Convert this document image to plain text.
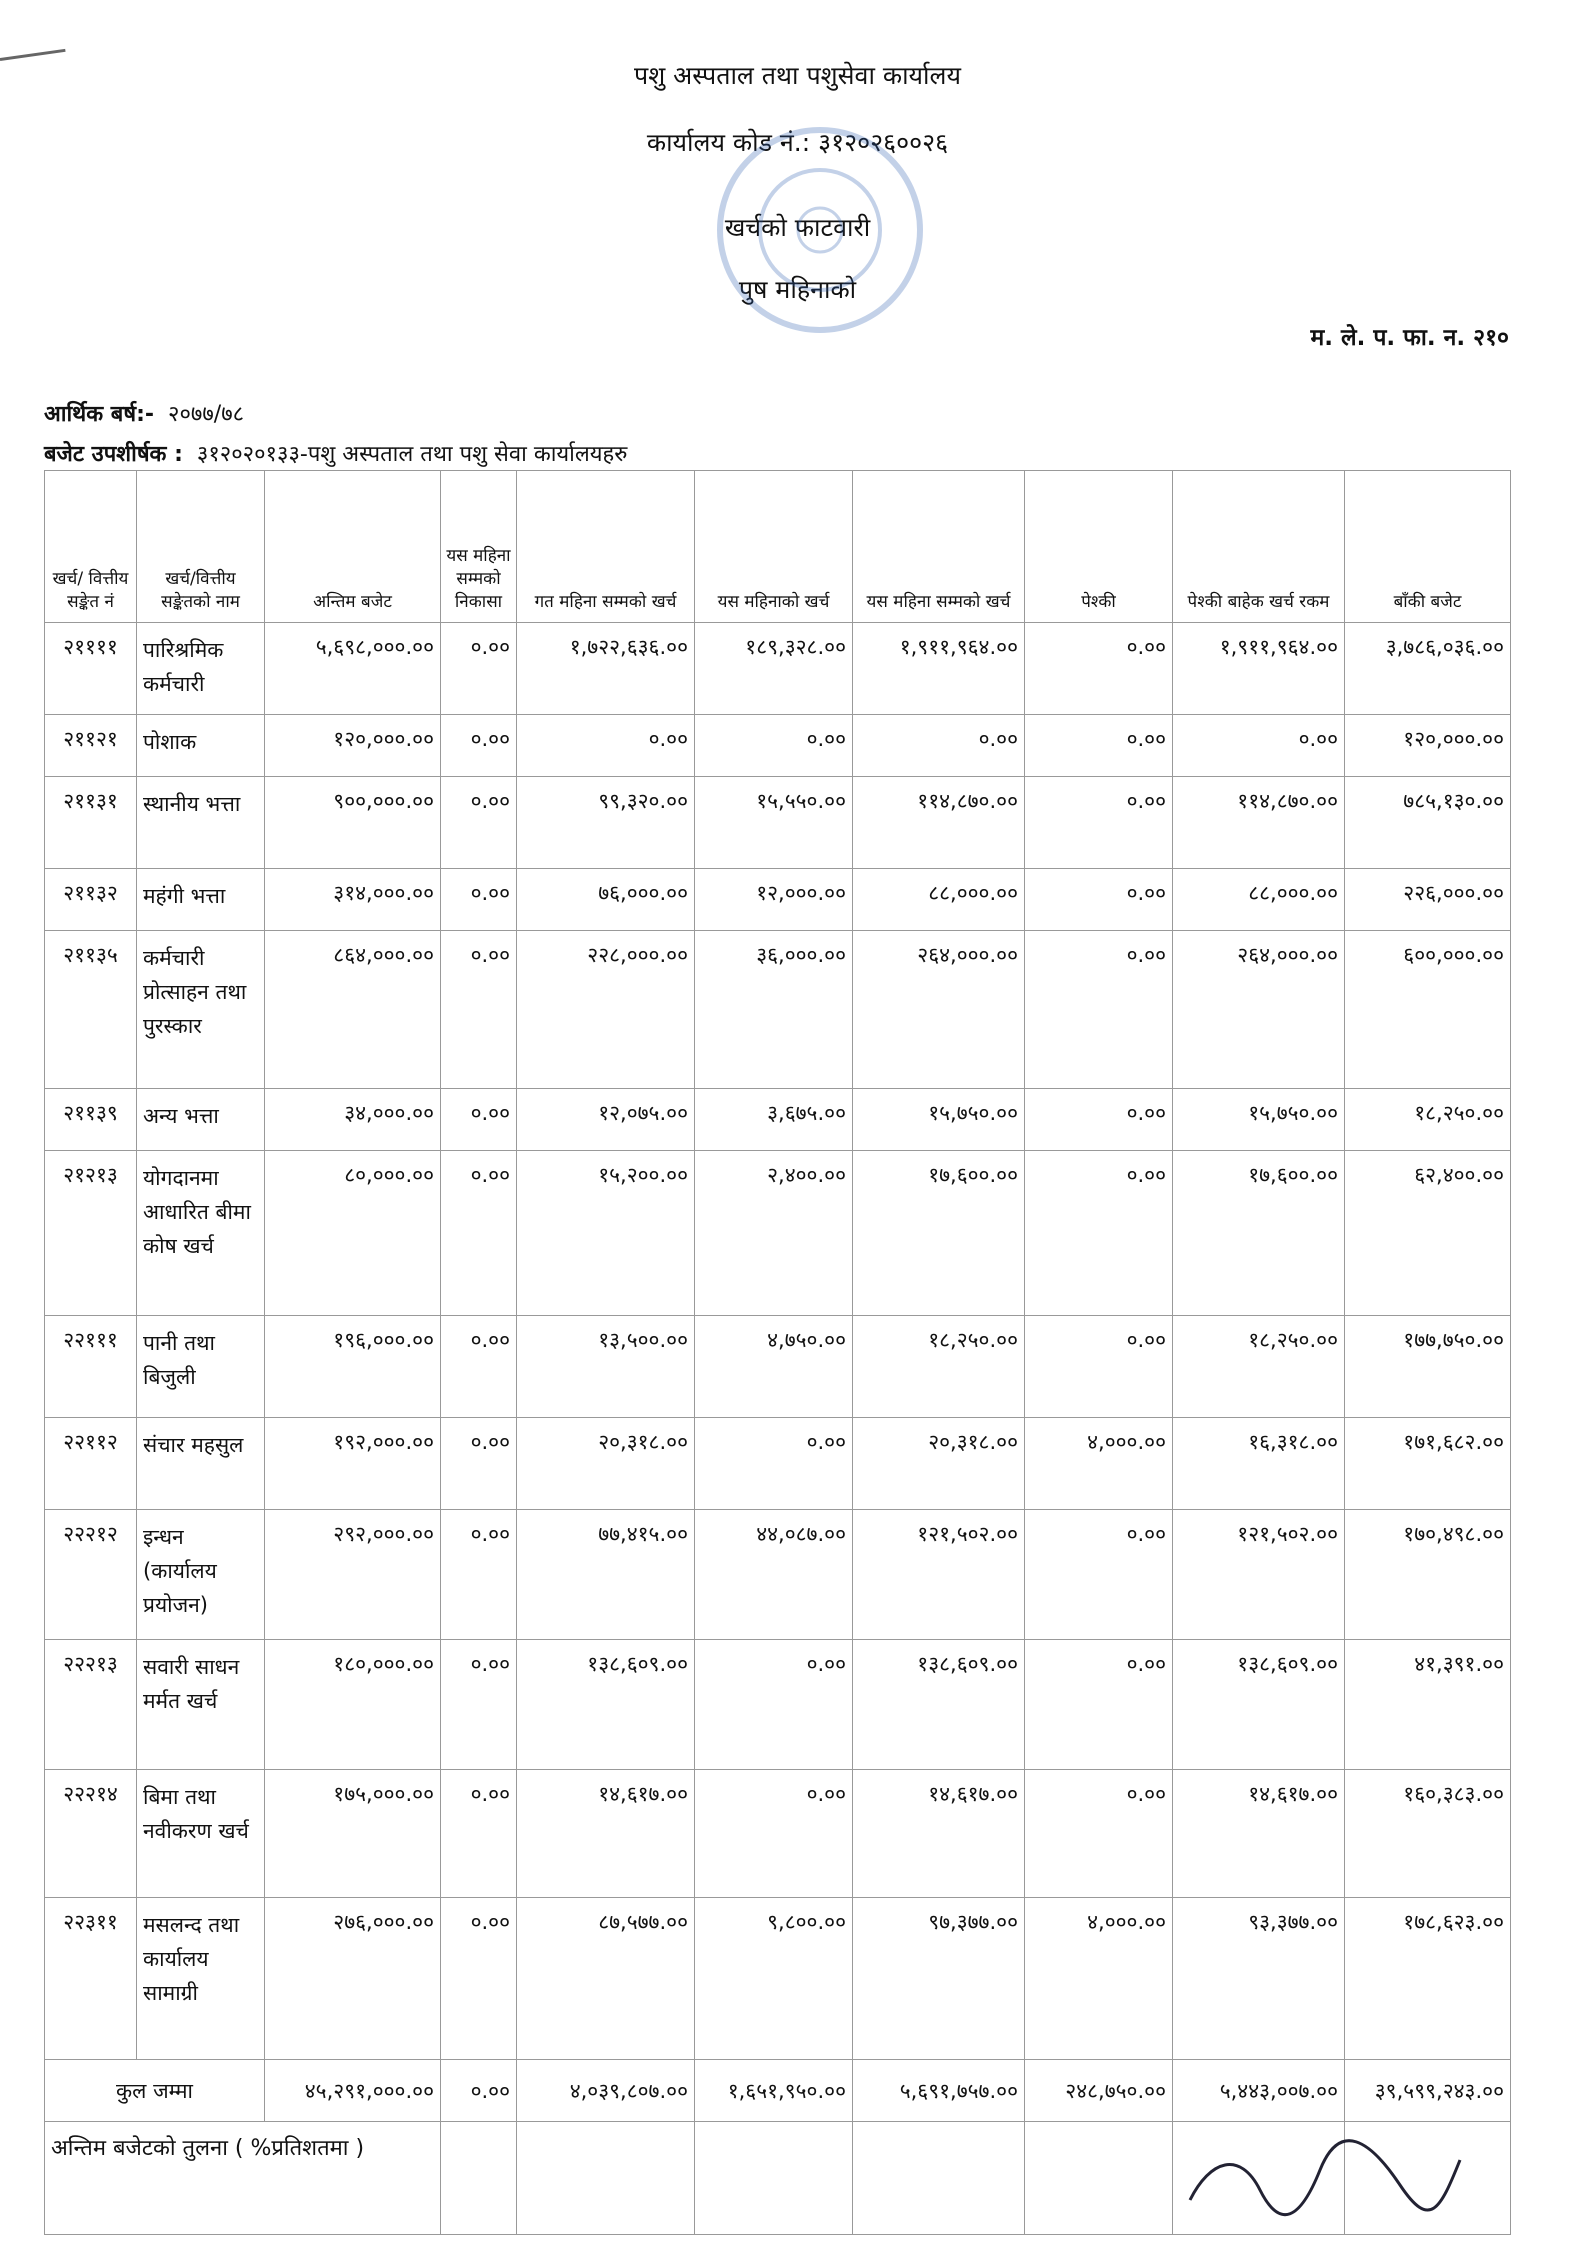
पशु अस्पताल तथा पशुसेवा कार्यालय
कार्यालय कोड नं.: ३१२०२६००२६
खर्चको फाटवारी
पुष महिनाको
म. ले. प. फा. न. २१०
आर्थिक बर्ष:- २०७७/७८
बजेट उपशीर्षक : ३१२०२०१३३-पशु अस्पताल तथा पशु सेवा कार्यालयहरु
खर्च/ वित्तीय सङ्केत नं	खर्च/वित्तीय सङ्केतको नाम	अन्तिम बजेट	यस महिना सम्मको निकासा	गत महिना सम्मको खर्च	यस महिनाको खर्च	यस महिना सम्मको खर्च	पेश्की	पेश्की बाहेक खर्च रकम	बाँकी बजेट
२११११	पारिश्रमिक कर्मचारी	५,६९८,०००.००	०.००	१,७२२,६३६.००	१८९,३२८.००	१,९११,९६४.००	०.००	१,९११,९६४.००	३,७८६,०३६.००
२११२१	पोशाक	१२०,०००.००	०.००	०.००	०.००	०.००	०.००	०.००	१२०,०००.००
२११३१	स्थानीय भत्ता	९००,०००.००	०.००	९९,३२०.००	१५,५५०.००	११४,८७०.००	०.००	११४,८७०.००	७८५,१३०.००
२११३२	महंगी भत्ता	३१४,०००.००	०.००	७६,०००.००	१२,०००.००	८८,०००.००	०.००	८८,०००.००	२२६,०००.००
२११३५	कर्मचारी प्रोत्साहन तथा पुरस्कार	८६४,०००.००	०.००	२२८,०००.००	३६,०००.००	२६४,०००.००	०.००	२६४,०००.००	६००,०००.००
२११३९	अन्य भत्ता	३४,०००.००	०.००	१२,०७५.००	३,६७५.००	१५,७५०.००	०.००	१५,७५०.००	१८,२५०.००
२१२१३	योगदानमा आधारित बीमा कोष खर्च	८०,०००.००	०.००	१५,२००.००	२,४००.००	१७,६००.००	०.००	१७,६००.००	६२,४००.००
२२१११	पानी तथा बिजुली	१९६,०००.००	०.००	१३,५००.००	४,७५०.००	१८,२५०.००	०.००	१८,२५०.००	१७७,७५०.००
२२११२	संचार महसुल	१९२,०००.००	०.००	२०,३१८.००	०.००	२०,३१८.००	४,०००.००	१६,३१८.००	१७१,६८२.००
२२२१२	इन्धन (कार्यालय प्रयोजन)	२९२,०००.००	०.००	७७,४१५.००	४४,०८७.००	१२१,५०२.००	०.००	१२१,५०२.००	१७०,४९८.००
२२२१३	सवारी साधन मर्मत खर्च	१८०,०००.००	०.००	१३८,६०९.००	०.००	१३८,६०९.००	०.००	१३८,६०९.००	४१,३९१.००
२२२१४	बिमा तथा नवीकरण खर्च	१७५,०००.००	०.००	१४,६१७.००	०.००	१४,६१७.००	०.००	१४,६१७.००	१६०,३८३.००
२२३११	मसलन्द तथा कार्यालय सामाग्री	२७६,०००.००	०.००	८७,५७७.००	९,८००.००	९७,३७७.००	४,०००.००	९३,३७७.००	१७८,६२३.००
कुल जम्मा		४५,२९१,०००.००	०.००	४,०३९,८०७.००	१,६५१,९५०.००	५,६९१,७५७.००	२४८,७५०.००	५,४४३,००७.००	३९,५९९,२४३.००
अन्तिम बजेटको तुलना ( %प्रतिशतमा )									
